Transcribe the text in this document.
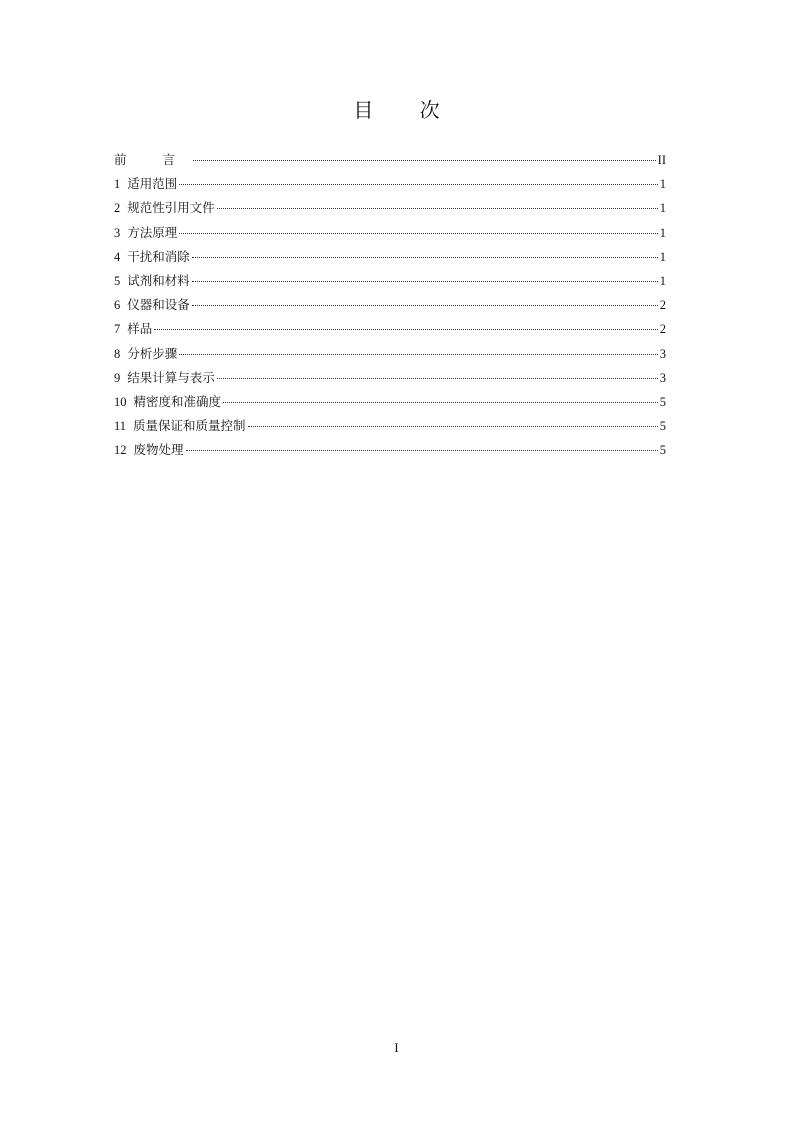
目 次
前 言	II
1 适用范围	1
2 规范性引用文件	1
3 方法原理	1
4 干扰和消除	1
5 试剂和材料	1
6 仪器和设备	2
7 样品	2
8 分析步骤	3
9 结果计算与表示	3
10 精密度和准确度	5
11 质量保证和质量控制	5
12 废物处理	5
I
